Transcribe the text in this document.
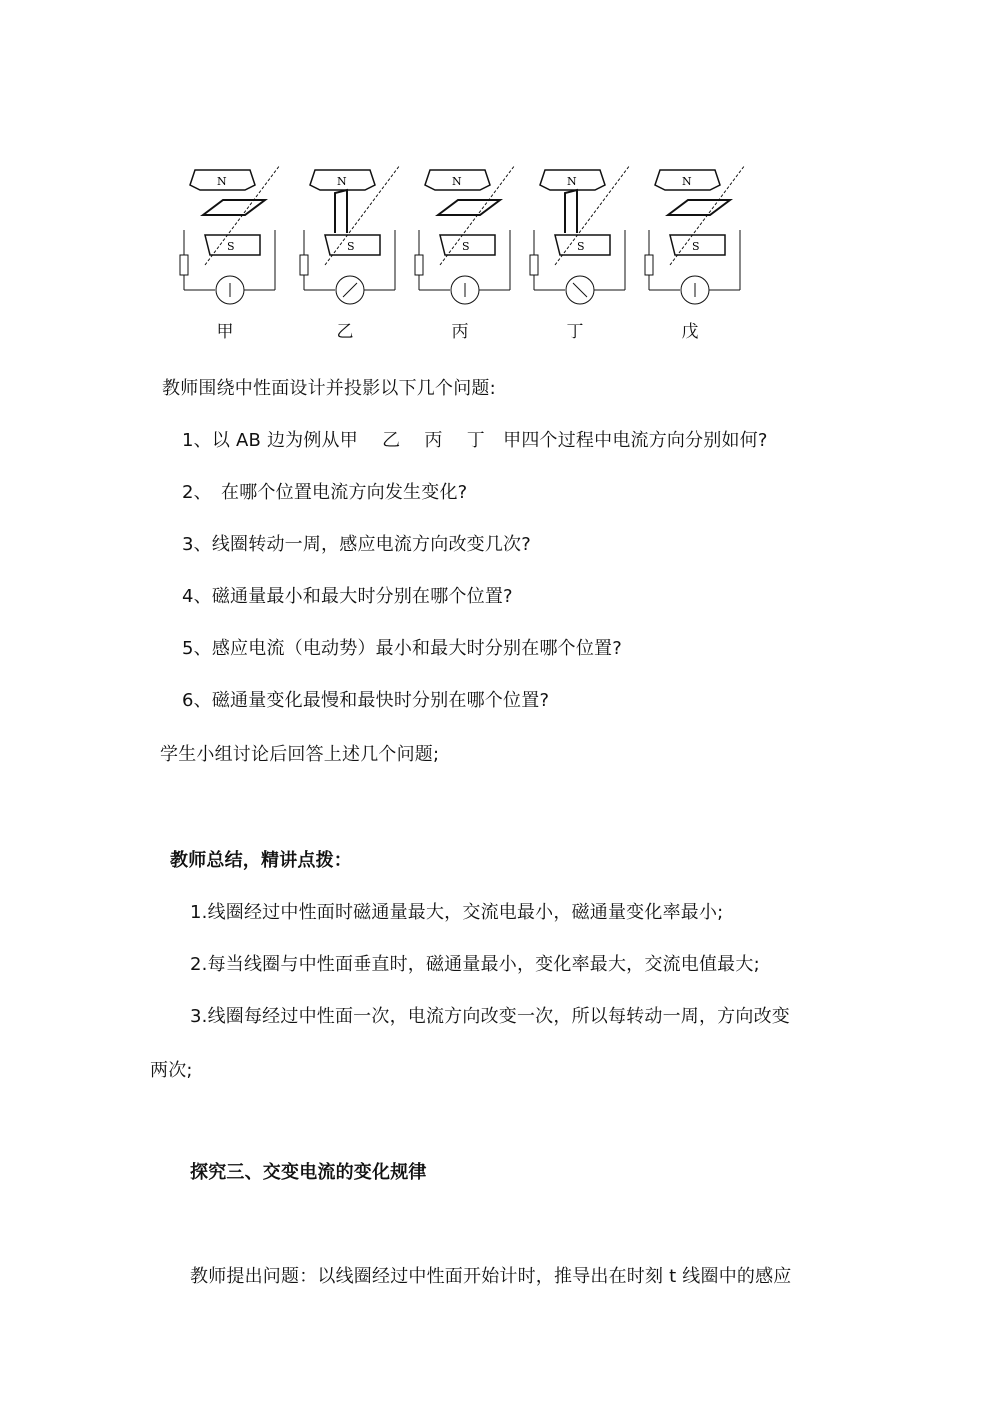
N
S
甲
N
S
乙
N
S
丙
N
S
丁
N
S
戊
教师围绕中性面设计并投影以下几个问题:
1、以 AB 边为例从甲　 乙　 丙　 丁　甲四个过程中电流方向分别如何?
2、　在哪个位置电流方向发生变化?
3、线圈转动一周，感应电流方向改变几次?
4、磁通量最小和最大时分别在哪个位置?
5、感应电流（电动势）最小和最大时分别在哪个位置?
6、磁通量变化最慢和最快时分别在哪个位置?
学生小组讨论后回答上述几个问题;
教师总结，精讲点拨：
1.线圈经过中性面时磁通量最大，交流电最小，磁通量变化率最小;
2.每当线圈与中性面垂直时，磁通量最小，变化率最大，交流电值最大;
3.线圈每经过中性面一次，电流方向改变一次，所以每转动一周，方向改变
两次;
探究三、交变电流的变化规律
教师提出问题：以线圈经过中性面开始计时，推导出在时刻 t 线圈中的感应
